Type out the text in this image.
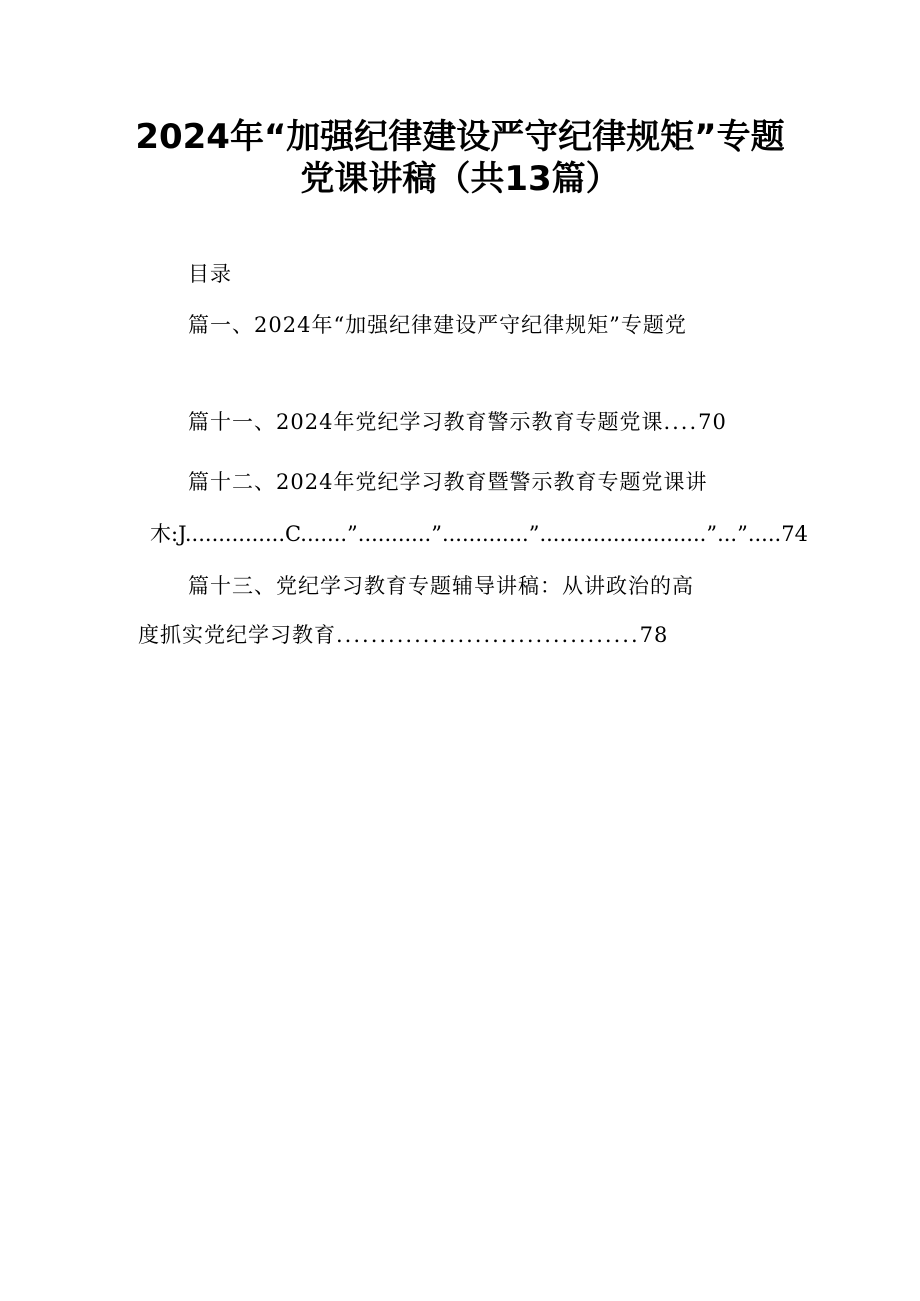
2024年“加强纪律建设严守纪律规矩”专题
党课讲稿（共13篇）
目录
篇一、2024年“加强纪律建设严守纪律规矩”专题党
篇十一、2024年党纪学习教育警示教育专题党课....70
篇十二、2024年党纪学习教育暨警示教育专题党课讲
木:J...............C.......”...........”.............”.........................”...”.....74
篇十三、党纪学习教育专题辅导讲稿：从讲政治的高
度抓实党纪学习教育...................................78
